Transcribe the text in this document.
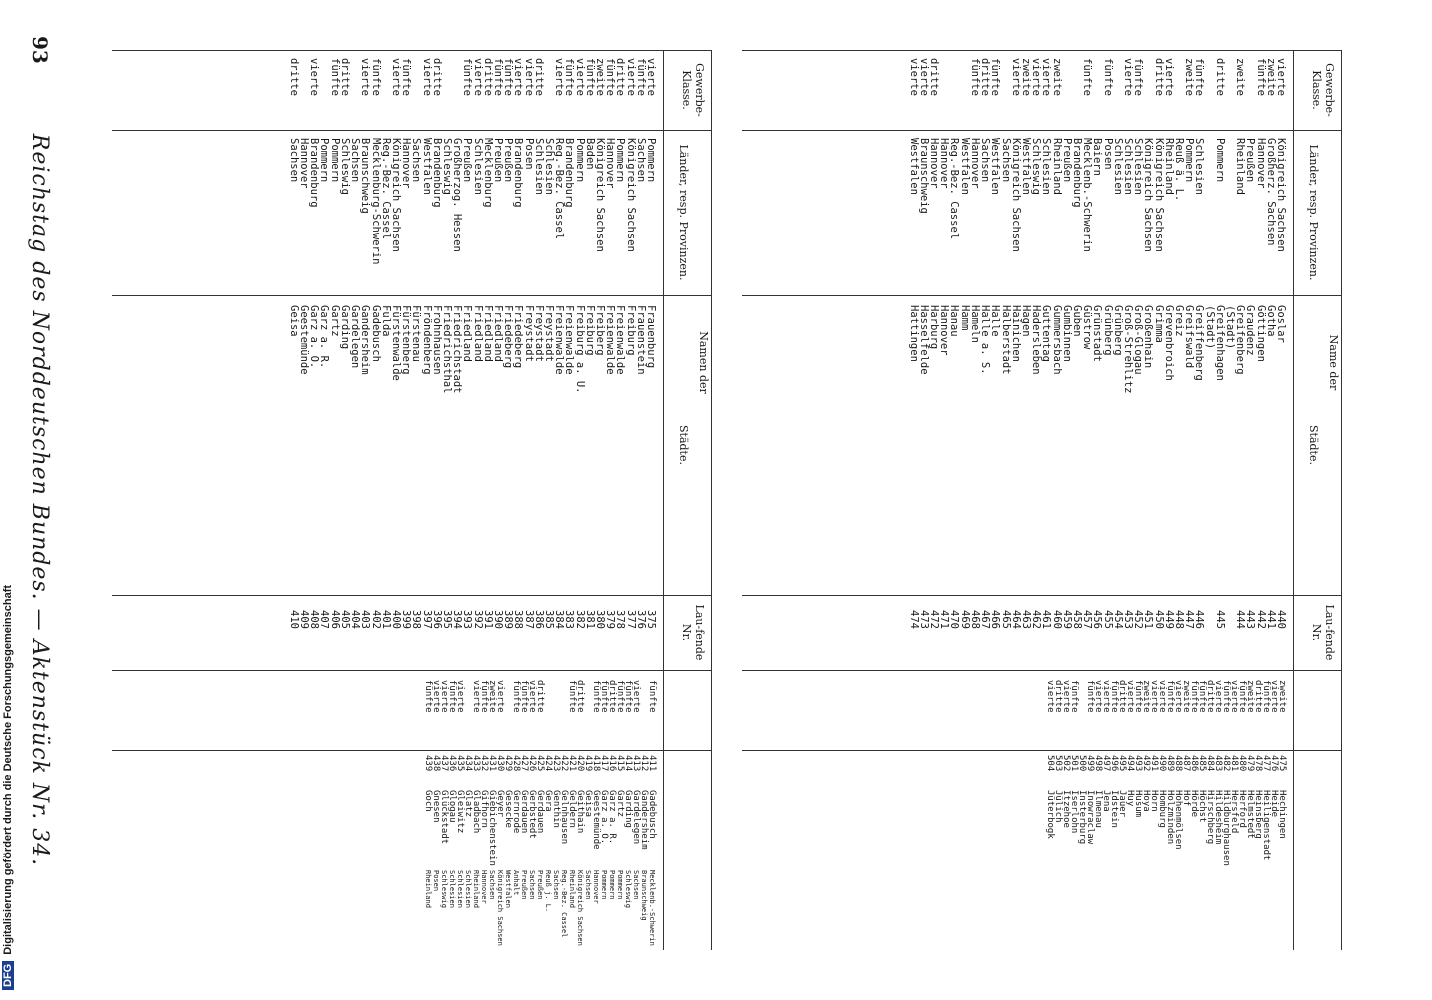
93
Reichstag des Norddeutschen Bundes. — Aktenstück Nr. 34.
Gewerbe-Klasse.
Name der
Länder, resp. Provinzen.
Städte.
Lau-fende Nr.
vierte
zweite
fünfte

zweite

dritte

fünfte
zweite

vierte
dritte

fünfte
vierte

fünfte

fünfte

zweite
vierte
vierte
zweite
vierte

fünfte
dritte
fünfte

dritte
vierte
vierte
Königreich Sachsen
Großherz. Sachsen
Hannover
Preußen
Rheinland

Pommern

Schlesien
Pommern
Reuß ä. L.
Rheinland
Königreich Sachsen
Königreich Sachsen
Schlesien
Schlesien
Schlesien
Posen
Baiern
Mecklenb.-Schwerin
Brandenburg
Preußen
Rheinland
Schlesien
Schleswig
Westfalen
Königreich Sachsen
Sachsen
Westfalen
Sachsen
Hannover
Westfalen
Reg.-Bez. Cassel
Hannover
Hannover
Braunschweig
Westfalen
Goslar
Gotha
Göttingen
Graudenz
Greifenberg
(Stadt)
Greifenhagen
(Stadt)
Greiffenberg
Greifswald
Greiz
Grevenbroich
Grimma
Großenhain
Groß-Glogau
Groß-Strehlitz
Grünberg
Grünberg
Grünstadt
Güstrow
Guben
Gumbinnen
Gummersbach
Guttentag
Hadersleben
Hagen
Hainichen
Halberstadt
Halle
Halle a. S.
Hameln
Hamm
Hanau
Hannover
Harburg
Hasselfelde
Hattingen
440
441
442
443
444

445

446
447
448
449
450
451
452
453
454
455
456
457
458
459
460
461
462
463
464
465
466
467
468
469
470
471
472
473
474
zweite
vierte
fünfte
dritte
zweite
fünfte
vierte
fünfte
vierte
dritte
fünfte
fünfte
zweite
vierte
fünfte
vierte
vierte
zweite
fünfte
vierte
dritte
fünfte
vierte
vierte
fünfte

fünfte
vierte
dritte
vierte
475
476
477
478
479
480
481
482
483
484
485
486
487
488
489
490
491
492
493
494
495
496
497
498
499
500
501
502
503
504
Hechingen
Heide
Heiligenstadt
Heinsberg
Helmstedt
Herford
Hersfeld
Hildburghausen
Hildesheim
Hirschberg
Höchst
Hörde
Hof
Hohenmölsen
Holzminden
Homburg
Horn
Hoya
Husum
Huy
Jauer
Idstein
Jena
Ilmenau
Inowraclaw
Insterburg
Iserlohn
Itzehoe
Jülich
Jüterbogk
Gewerbe-Klasse.
Namen der
Länder, resp. Provinzen.
Städte.
Lau-fende Nr.
vierte
fünfte
vierte
dritte
fünfte
zweite
fünfte
vierte
fünfte
vierte

dritte
vierte
vierte
fünfte
fünfte
dritte
vierte
fünfte

dritte
vierte

fünfte
vierte

fünfte
vierte

dritte
fünfte

vierte

dritte
Pommern
Sachsen
Königreich Sachsen
Pommern
Hannover
Königreich Sachsen
Baden
Pommern
Brandenburg
Reg.-Bez. Cassel
Schlesien
Schlesien
Posen
Brandenburg
Preußen
Preußen
Mecklenburg
Schlesien
Preußen
Großherzog. Hessen
Schleswig
Brandenburg
Westfalen
Sachsen
Hannover
Königreich Sachsen
Reg.-Bez. Cassel
Mecklenburg-Schwerin
Braunschweig
Sachsen
Schleswig
Pommern
Pommern
Brandenburg
Hannover
Sachsen
Frauenburg
Frauenstein
Freiburg
Freienwalde
Freienwalde
Freiberg
Freiburg
Freiburg a. U.
Freienwalde
Freienwalde
Freystadt
Freystadt
Freystadt
Friedeberg
Friedeberg
Friedland
Friedland
Friedland
Friedland
Friedrichstadt
Friedrichsthal
Frohnhausen
Fröndenberg
Fürstenau
Fürstenberg
Fürstenwalde
Fulda
Gadebusch
Gandersheim
Gardelegen
Garding
Gartz
Garz a. R.
Garz a. O.
Geestemünde
Geisa
375
376
377
378
379
380
381
382
383
384
385
386
387
388
389
390
391
392
393
394
395
396
397
398
399
400
401
402
403
404
405
406
407
408
409
410
fünfte

vierte
fünfte
fünfte
dritte
fünfte
fünfte

dritte
fünfte

dritte
vierte
fünfte
fünfte

vierte
zweite
fünfte
vierte

vierte
fünfte
vierte
vierte
fünfte
411
412
413
414
415
416
417
418
419
420
421
422
423
424
425
426
427
428
429
430
431
432
433
434
435
436
437
438
439
Gadebusch
Gandersheim
Gardelegen
Garding
Gartz
Garz a. R.
Garz a. O.
Geestemünde
Geisa
Geithain
Geldern
Gelnhausen
Genthin
Gera
Gerdauen
Gerbstedt
Gerdauen
Gernrode
Gesecke
Geyer
Giebichenstein
Gifhorn
Gladbach
Glatz
Gleiwitz
Glogau
Glückstadt
Gnesen
Goch
Mecklenb.-Schwerin
Braunschweig
Sachsen
Schleswig
Pommern
Pommern
Pommern
Hannover
Sachsen
Königreich Sachsen
Rheinland
Reg.-Bez. Cassel
Sachsen
Reuß j. L.
Preußen
Sachsen
Preußen
Anhalt
Westfalen
Königreich Sachsen
Sachsen
Hannover
Rheinland
Schlesien
Schlesien
Schlesien
Schleswig
Posen
Rheinland
DFGDigitalisierung gefördert durch die Deutsche Forschungsgemeinschaft
